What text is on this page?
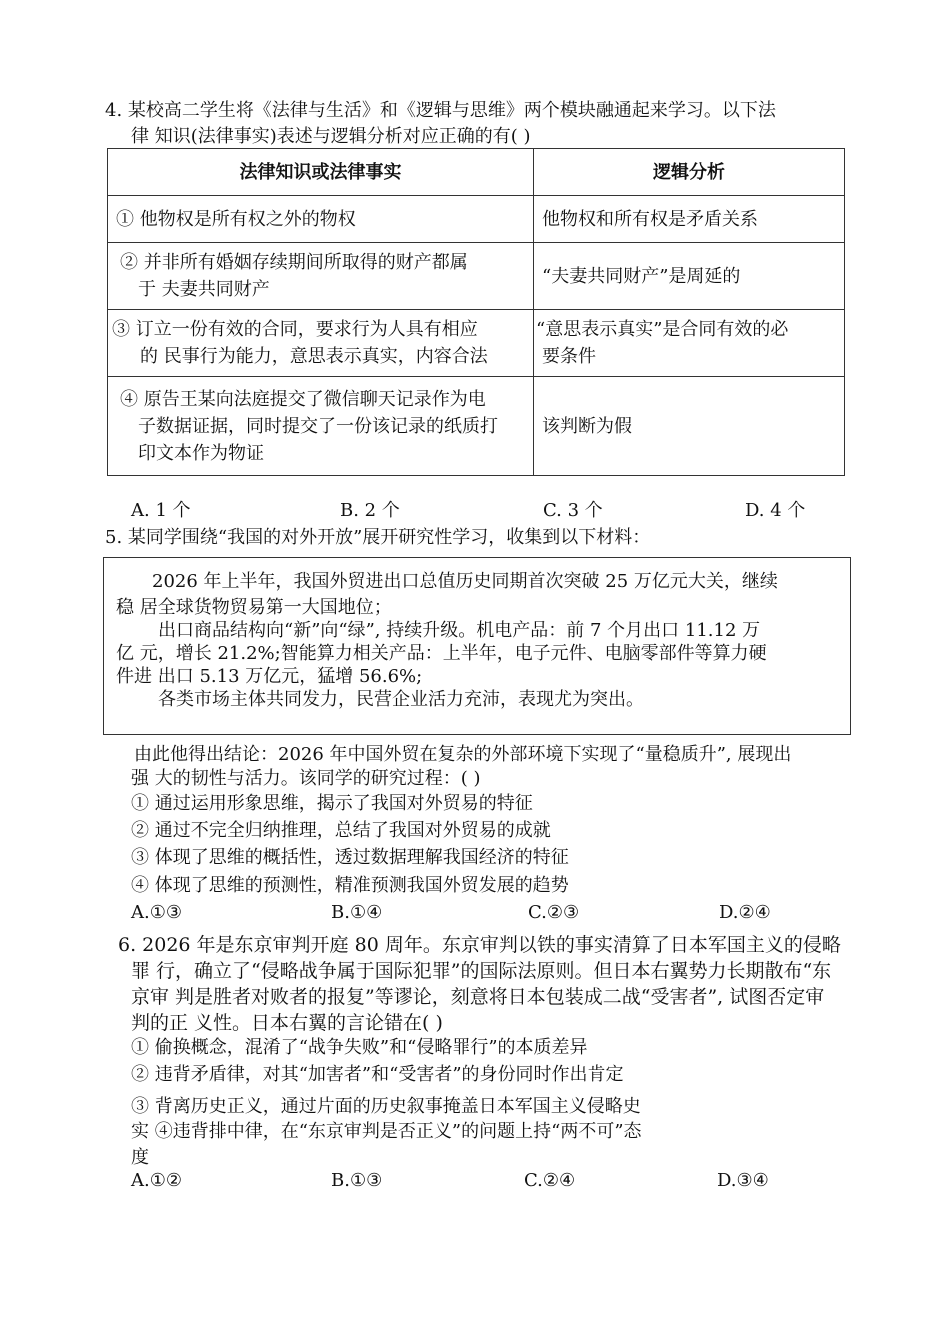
4. 某校高二学生将《法律与生活》和《逻辑与思维》两个模块融通起来学习。以下法
律 知识(法律事实)表述与逻辑分析对应正确的有( )
法律知识或法律事实	逻辑分析

① 他物权是所有权之外的物权	他物权和所有权是矛盾关系

② 并非所有婚姻存续期间所取得的财产都属
于 夫妻共同财产	“夫妻共同财产”是周延的

③ 订立一份有效的合同，要求行为人具有相应
的 民事行为能力，意思表示真实，内容合法	“意思表示真实”是合同有效的必
要条件

④ 原告王某向法庭提交了微信聊天记录作为电
子数据证据，同时提交了一份该记录的纸质打
印文本作为物证	该判断为假
A. 1 个	B. 2 个	C. 3 个	D. 4 个
5. 某同学围绕“我国的对外开放”展开研究性学习，收集到以下材料：
2026 年上半年，我国外贸进出口总值历史同期首次突破 25 万亿元大关，继续
稳 居全球货物贸易第一大国地位；
出口商品结构向“新”向“绿”, 持续升级。机电产品：前 7 个月出口 11.12 万
亿 元，增长 21.2%;智能算力相关产品：上半年，电子元件、电脑零部件等算力硬
件进 出口 5.13 万亿元，猛增 56.6%;
各类市场主体共同发力，民营企业活力充沛，表现尤为突出。
由此他得出结论：2026 年中国外贸在复杂的外部环境下实现了“量稳质升”, 展现出
强 大的韧性与活力。该同学的研究过程：( )
① 通过运用形象思维，揭示了我国对外贸易的特征
② 通过不完全归纳推理，总结了我国对外贸易的成就
③ 体现了思维的概括性，透过数据理解我国经济的特征
④ 体现了思维的预测性，精准预测我国外贸发展的趋势
A.①③	B.①④	C.②③	D.②④
6. 2026 年是东京审判开庭 80 周年。东京审判以铁的事实清算了日本军国主义的侵略
罪 行，确立了“侵略战争属于国际犯罪”的国际法原则。但日本右翼势力长期散布“东
京审 判是胜者对败者的报复”等谬论，刻意将日本包装成二战“受害者”, 试图否定审
判的正 义性。日本右翼的言论错在( )
① 偷换概念，混淆了“战争失败”和“侵略罪行”的本质差异
② 违背矛盾律，对其“加害者”和“受害者”的身份同时作出肯定
③ 背离历史正义，通过片面的历史叙事掩盖日本军国主义侵略史
实 ④违背排中律，在“东京审判是否正义”的问题上持“两不可”态
度
A.①②	B.①③	C.②④	D.③④
